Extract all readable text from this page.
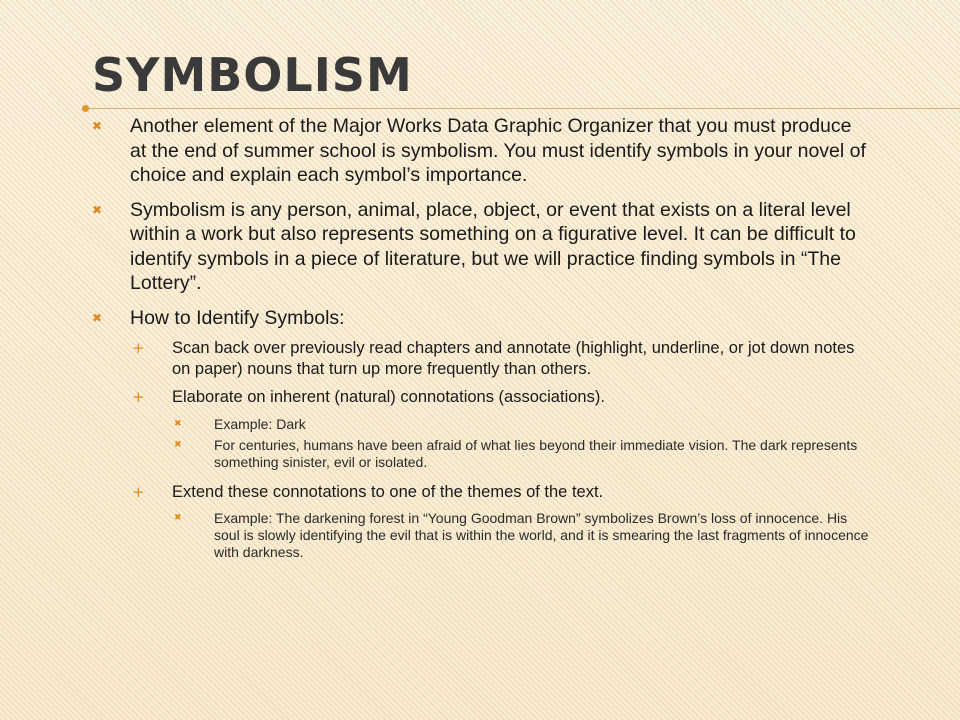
SYMBOLISM
✖	Another element of the Major Works Data Graphic Organizer that you must produce at the end of summer school is symbolism. You must identify symbols in your novel of choice and explain each symbol’s importance.
✖	Symbolism is any person, animal, place, object, or event that exists on a literal level within a work but also represents something on a figurative level. It can be difficult to identify symbols in a piece of literature, but we will practice finding symbols in “The Lottery”.
✖	How to Identify Symbols:
+	Scan back over previously read chapters and annotate (highlight, underline, or jot down notes on paper) nouns that turn up more frequently than others.
+	Elaborate on inherent (natural) connotations (associations).
✖	Example: Dark
✖	For centuries, humans have been afraid of what lies beyond their immediate vision. The dark represents something sinister, evil or isolated.
+	Extend these connotations to one of the themes of the text.
✖	Example: The darkening forest in “Young Goodman Brown” symbolizes Brown’s loss of innocence. His soul is slowly identifying the evil that is within the world, and it is smearing the last fragments of innocence with darkness.
